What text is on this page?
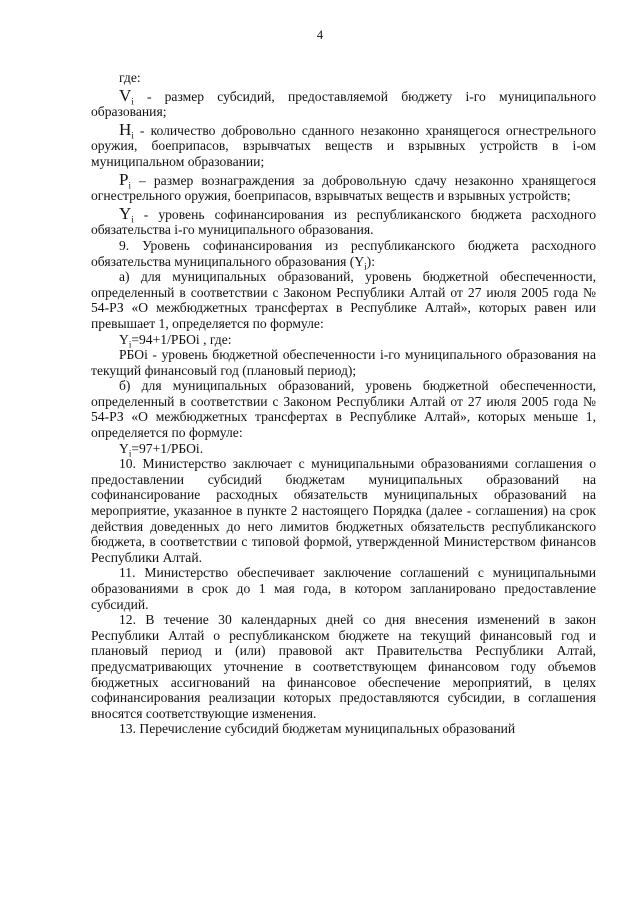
4

где:

$V_i$ - размер субсидий, предоставляемой бюджету i-го муниципального образования;

$H_i$ - количество добровольно сданного незаконно хранящегося огнестрельного оружия, боеприпасов, взрывчатых веществ и взрывных устройств в i-ом муниципальном образовании;

$P_i$ – размер вознаграждения за добровольную сдачу незаконно хранящегося огнестрельного оружия, боеприпасов, взрывчатых веществ и взрывных устройств;

$Y_i$ - уровень софинансирования из республиканского бюджета расходного обязательства i-го муниципального образования.

9. Уровень софинансирования из республиканского бюджета расходного обязательства муниципального образования $(Y_i)$:

а) для муниципальных образований, уровень бюджетной обеспеченности, определенный в соответствии с Законом Республики Алтай от 27 июля 2005 года № 54-РЗ «О межбюджетных трансфертах в Республике Алтай», которых равен или превышает 1, определяется по формуле:

$Y_i=94+1$/РБОі , где:

РБОі - уровень бюджетной обеспеченности i-го муниципального образования на текущий финансовый год (плановый период);

б) для муниципальных образований, уровень бюджетной обеспеченности, определенный в соответствии с Законом Республики Алтай от 27 июля 2005 года № 54-РЗ «О межбюджетных трансфертах в Республике Алтай», которых меньше 1, определяется по формуле:

$Y_i=97+1$/РБОі.

10. Министерство заключает с муниципальными образованиями соглашения о предоставлении субсидий бюджетам муниципальных образований на софинансирование расходных обязательств муниципальных образований на мероприятие, указанное в пункте 2 настоящего Порядка (далее - соглашения) на срок действия доведенных до него лимитов бюджетных обязательств республиканского бюджета, в соответствии с типовой формой, утвержденной Министерством финансов Республики Алтай.

11. Министерство обеспечивает заключение соглашений с муниципальными образованиями в срок до 1 мая года, в котором запланировано предоставление субсидий.

12. В течение 30 календарных дней со дня внесения изменений в закон Республики Алтай о республиканском бюджете на текущий финансовый год и плановый период и (или) правовой акт Правительства Республики Алтай, предусматривающих уточнение в соответствующем финансовом году объемов бюджетных ассигнований на финансовое обеспечение мероприятий, в целях софинансирования реализации которых предоставляются субсидии, в соглашения вносятся соответствующие изменения.

13. Перечисление субсидий бюджетам муниципальных образований
